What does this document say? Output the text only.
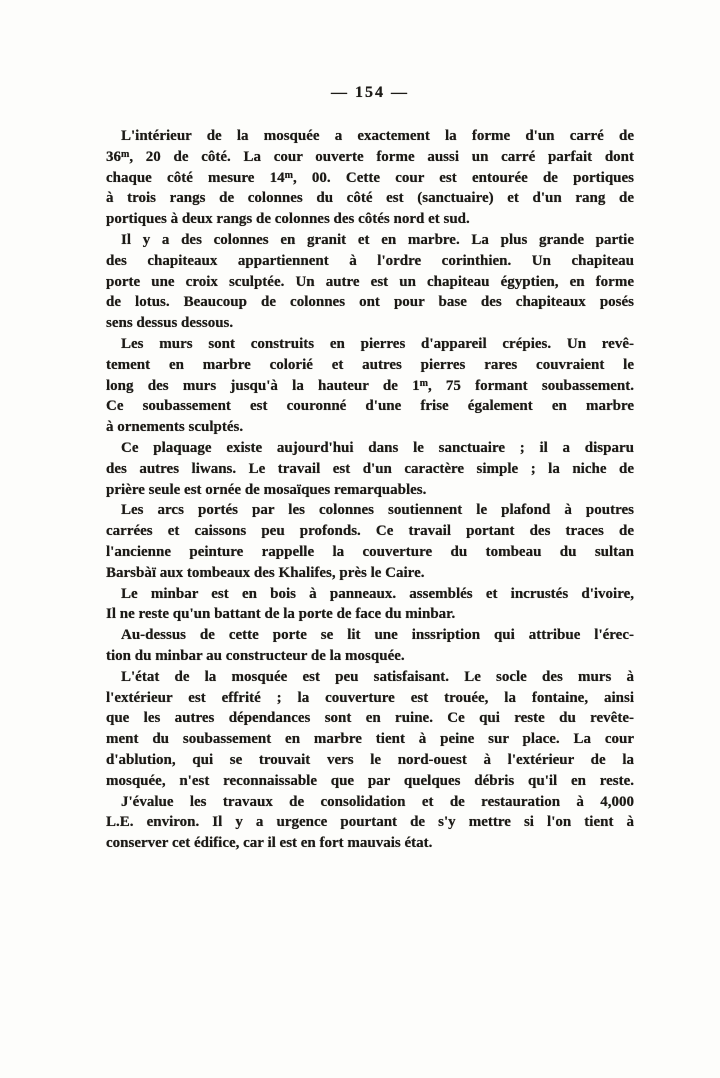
— 154 —
L'intérieur de la mosquée a exactement la forme d'un carré de
36$^m$, 20 de côté. La cour ouverte forme aussi un carré parfait dont
chaque côté mesure 14$^m$, 00. Cette cour est entourée de portiques
à trois rangs de colonnes du côté est (sanctuaire) et d'un rang de
portiques à deux rangs de colonnes des côtés nord et sud.
Il y a des colonnes en granit et en marbre. La plus grande partie
des chapiteaux appartiennent à l'ordre corinthien. Un chapiteau
porte une croix sculptée. Un autre est un chapiteau égyptien, en forme
de lotus. Beaucoup de colonnes ont pour base des chapiteaux posés
sens dessus dessous.
Les murs sont construits en pierres d'appareil crépies. Un revê-
tement en marbre colorié et autres pierres rares couvraient le
long des murs jusqu'à la hauteur de 1$^m$, 75 formant soubassement.
Ce soubassement est couronné d'une frise également en marbre
à ornements sculptés.
Ce plaquage existe aujourd'hui dans le sanctuaire ; il a disparu
des autres liwans. Le travail est d'un caractère simple ; la niche de
prière seule est ornée de mosaïques remarquables.
Les arcs portés par les colonnes soutiennent le plafond à poutres
carrées et caissons peu profonds. Ce travail portant des traces de
l'ancienne peinture rappelle la couverture du tombeau du sultan
Barsbàï aux tombeaux des Khalifes, près le Caire.
Le minbar est en bois à panneaux. assemblés et incrustés d'ivoire,
Il ne reste qu'un battant de la porte de face du minbar.
Au-dessus de cette porte se lit une inssription qui attribue l'érec-
tion du minbar au constructeur de la mosquée.
L'état de la mosquée est peu satisfaisant. Le socle des murs à
l'extérieur est effrité ; la couverture est trouée, la fontaine, ainsi
que les autres dépendances sont en ruine. Ce qui reste du revête-
ment du soubassement en marbre tient à peine sur place. La cour
d'ablution, qui se trouvait vers le nord-ouest à l'extérieur de la
mosquée, n'est reconnaissable que par quelques débris qu'il en reste.
J'évalue les travaux de consolidation et de restauration à 4,000
L.E. environ. Il y a urgence pourtant de s'y mettre si l'on tient à
conserver cet édifice, car il est en fort mauvais état.
